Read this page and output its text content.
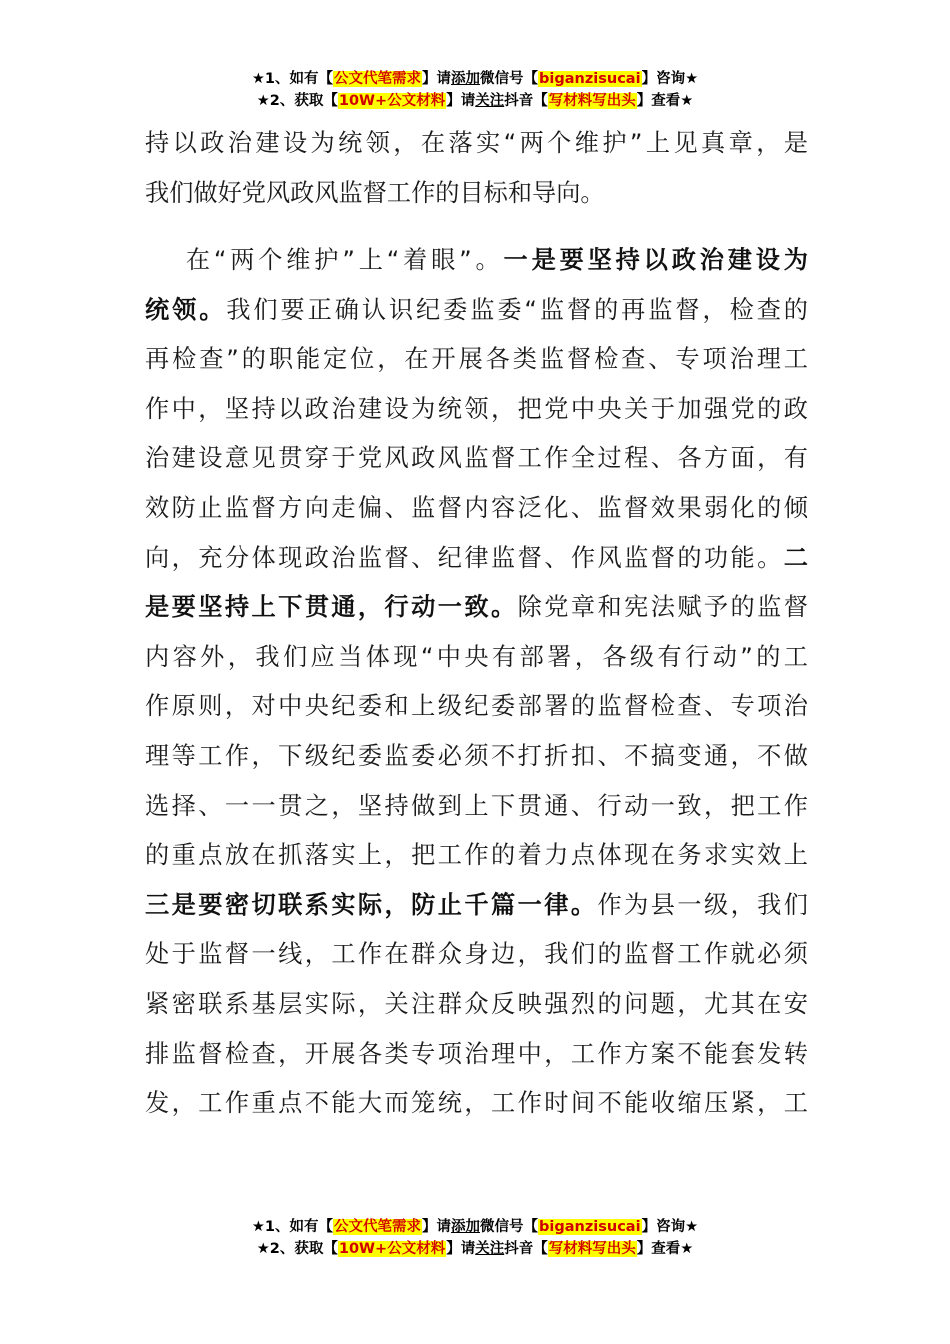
★1、如有【公文代笔需求】请添加微信号【biganzisucai】咨询★
★2、获取【10W+公文材料】请关注抖音【写材料写出头】查看★
持以政治建设为统领，在落实“两个维护”上见真章，是
我们做好党风政风监督工作的目标和导向。
在“两个维护”上“着眼”。一是要坚持以政治建设为
统领。我们要正确认识纪委监委“监督的再监督，检查的
再检查”的职能定位，在开展各类监督检查、专项治理工
作中，坚持以政治建设为统领，把党中央关于加强党的政
治建设意见贯穿于党风政风监督工作全过程、各方面，有
效防止监督方向走偏、监督内容泛化、监督效果弱化的倾
向，充分体现政治监督、纪律监督、作风监督的功能。二
是要坚持上下贯通，行动一致。除党章和宪法赋予的监督
内容外，我们应当体现“中央有部署，各级有行动”的工
作原则，对中央纪委和上级纪委部署的监督检查、专项治
理等工作，下级纪委监委必须不打折扣、不搞变通，不做
选择、一一贯之，坚持做到上下贯通、行动一致，把工作
的重点放在抓落实上，把工作的着力点体现在务求实效上
三是要密切联系实际，防止千篇一律。作为县一级，我们
处于监督一线，工作在群众身边，我们的监督工作就必须
紧密联系基层实际，关注群众反映强烈的问题，尤其在安
排监督检查，开展各类专项治理中，工作方案不能套发转
发，工作重点不能大而笼统，工作时间不能收缩压紧，工
★1、如有【公文代笔需求】请添加微信号【biganzisucai】咨询★
★2、获取【10W+公文材料】请关注抖音【写材料写出头】查看★
